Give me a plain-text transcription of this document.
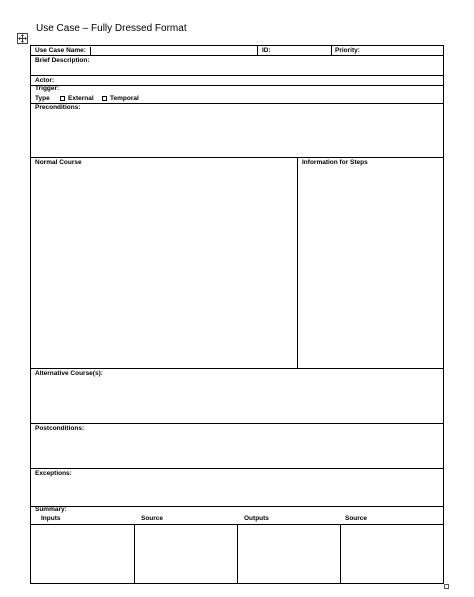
Use Case – Fully Dressed Format
Use Case Name:	ID:	Priority:
Brief Description:
Actor:
Trigger:
Type	External	Temporal
Preconditions:
Normal Course	Information for Steps
Alternative Course(s):
Postconditions:
Exceptions:
Summary:
Inputs	Source	Outputs	Source
